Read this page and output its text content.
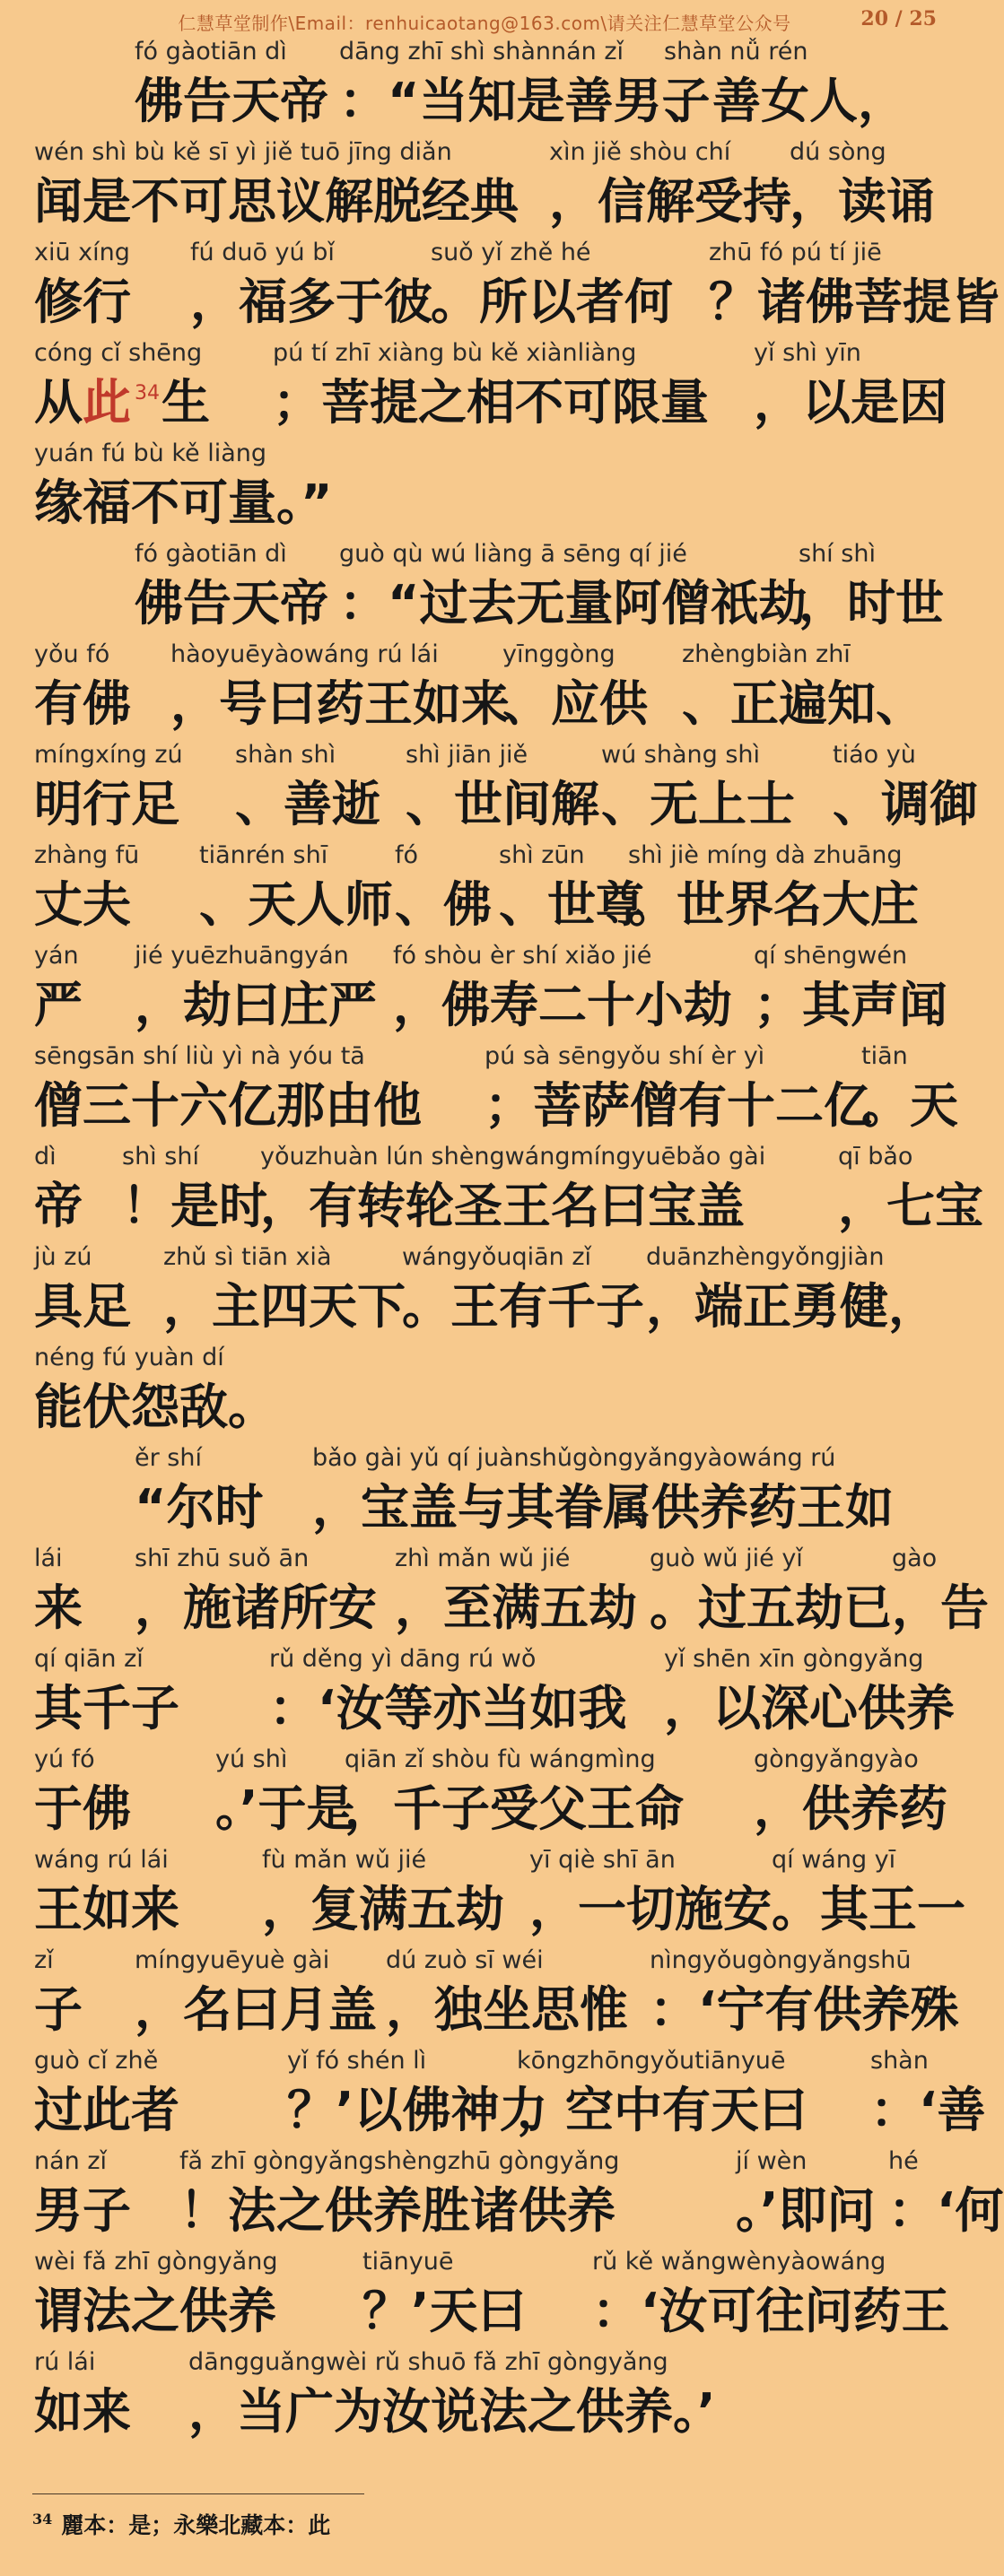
仁慧草堂制作\Email：renhuicaotang@163.com\请关注仁慧草堂公众号	20 / 25
fó gàotiān dì
佛告天帝
dāng zhī shì shànnán zǐ
：“当知是善男子
shàn nǚ rén
、善女人，
wén shì bù kě sī yì jiě tuō jīng diǎn
闻是不可思议解脱经典
xìn jiě shòu chí
，信解受持
dú sòng
，读诵
xiū xíng
修行
fú duō yú bǐ
，福多于彼
suǒ yǐ zhě hé
。所以者何
zhū fó pú tí jiē
？诸佛菩提皆
cóng cǐ shēng
从此 34 生
pú tí zhī xiàng bù kě xiànliàng
；菩提之相不可限量
yǐ shì yīn
，以是因
yuán fú bù kě liàng
缘福不可量。”
fó gàotiān dì
佛告天帝
guò qù wú liàng ā sēng qí jié
：“过去无量阿僧祇劫
shí shì
，时世
yǒu fó
有佛
hàoyuēyàowáng rú lái
，号曰药王如来
yīnggòng
、应供
zhèngbiàn zhī
、正遍知、
míngxíng zú
明行足
shàn shì
、善逝
shì jiān jiě
、世间解
wú shàng shì
、无上士
tiáo yù
、调御
zhàng fū
丈夫
tiānrén shī
、天人师
fó
、佛
shì zūn
、世尊
shì jiè míng dà zhuāng
。世界名大庄
yán
严
jié yuēzhuāngyán
，劫曰庄严
fó shòu èr shí xiǎo jié
，佛寿二十小劫
qí shēngwén
；其声闻
sēngsān shí liù yì nà yóu tā
僧三十六亿那由他
pú sà sēngyǒu shí èr yì
；菩萨僧有十二亿
tiān
。天
dì
帝
shì shí
！是时
yǒuzhuàn lún shèngwángmíngyuēbǎo gài
，有转轮圣王名曰宝盖
qī bǎo
，七宝
jù zú
具足
zhǔ sì tiān xià
，主四天下
wángyǒuqiān zǐ
。王有千子
duānzhèngyǒngjiàn
，端正勇健，
néng fú yuàn dí
能伏怨敌。
ěr shí
“尔时
bǎo gài yǔ qí juànshǔgòngyǎngyàowáng rú
，宝盖与其眷属供养药王如
lái
来
shī zhū suǒ ān
，施诸所安
zhì mǎn wǔ jié
，至满五劫
guò wǔ jié yǐ
。过五劫已
gào
，告
qí qiān zǐ
其千子
rǔ děng yì dāng rú wǒ
：‘汝等亦当如我
yǐ shēn xīn gòngyǎng
，以深心供养
yú fó
于佛
yú shì
。’于是
qiān zǐ shòu fù wángmìng
，千子受父王命
gòngyǎngyào
，供养药
wáng rú lái
王如来
fù mǎn wǔ jié
，复满五劫
yī qiè shī ān
，一切施安
qí wáng yī
。其王一
zǐ
子
míngyuēyuè gài
，名曰月盖
dú zuò sī wéi
，独坐思惟
nìngyǒugòngyǎngshū
：‘宁有供养殊
guò cǐ zhě
过此者
yǐ fó shén lì
？’以佛神力
kōngzhōngyǒutiānyuē
，空中有天曰
shàn
：‘善
nán zǐ
男子
fǎ zhī gòngyǎngshèngzhū gòngyǎng
！法之供养胜诸供养
jí wèn
。’即问
hé
：‘何
wèi fǎ zhī gòngyǎng
谓法之供养
tiānyuē
？’天曰
rǔ kě wǎngwènyàowáng
：‘汝可往问药王
rú lái
如来
dāngguǎngwèi rǔ shuō fǎ zhī gòngyǎng
，当广为汝说法之供养。’
$^{34}$ 麗本：是；永樂北藏本：此
